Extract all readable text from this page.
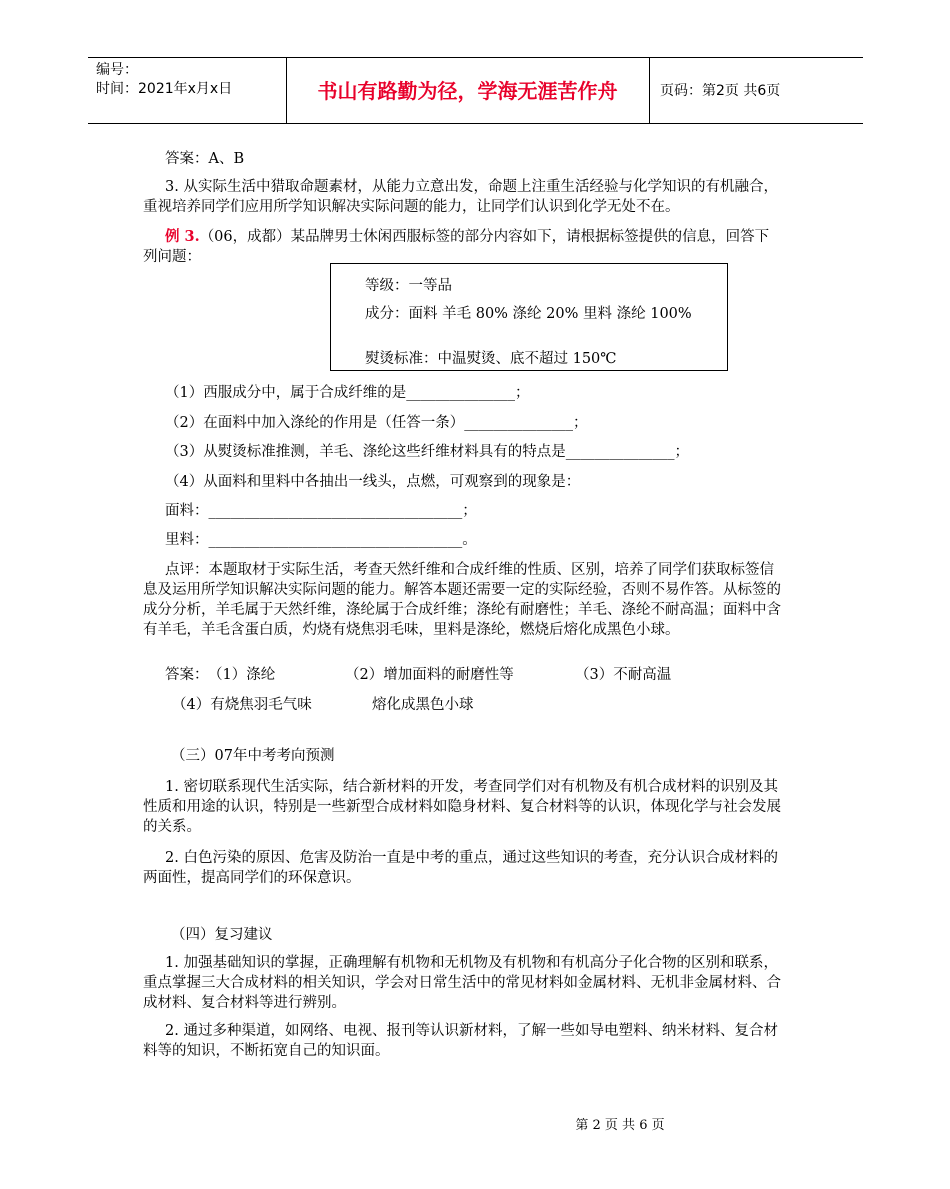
编号：
时间：2021年x月x日	书山有路勤为径，学海无涯苦作舟	页码：第2页 共6页
答案：A、B
3. 从实际生活中猎取命题素材，从能力立意出发，命题上注重生活经验与化学知识的有机融合，重视培养同学们应用所学知识解决实际问题的能力，让同学们认识到化学无处不在。
例 3.（06，成都）某品牌男士休闲西服标签的部分内容如下，请根据标签提供的信息，回答下列问题：
等级：一等品
成分：面料 羊毛 80% 涤纶 20% 里料 涤纶 100%
熨烫标准：中温熨烫、底不超过 150℃
（1）西服成分中，属于合成纤维的是_______________；
（2）在面料中加入涤纶的作用是（任答一条）_______________；
（3）从熨烫标准推测，羊毛、涤纶这些纤维材料具有的特点是_______________；
（4）从面料和里料中各抽出一线头，点燃，可观察到的现象是：
面料：___________________________________；
里料：___________________________________。
点评：本题取材于实际生活，考查天然纤维和合成纤维的性质、区别，培养了同学们获取标签信息及运用所学知识解决实际问题的能力。解答本题还需要一定的实际经验，否则不易作答。从标签的成分分析，羊毛属于天然纤维，涤纶属于合成纤维；涤纶有耐磨性；羊毛、涤纶不耐高温；面料中含有羊毛，羊毛含蛋白质，灼烧有烧焦羽毛味，里料是涤纶，燃烧后熔化成黑色小球。
答案： （1）涤纶	（2）增加面料的耐磨性等	（3）不耐高温
（4）有烧焦羽毛气味	熔化成黑色小球
（三）07年中考考向预测
1. 密切联系现代生活实际，结合新材料的开发，考查同学们对有机物及有机合成材料的识别及其性质和用途的认识，特别是一些新型合成材料如隐身材料、复合材料等的认识，体现化学与社会发展的关系。
2. 白色污染的原因、危害及防治一直是中考的重点，通过这些知识的考查，充分认识合成材料的两面性，提高同学们的环保意识。
（四）复习建议
1. 加强基础知识的掌握，正确理解有机物和无机物及有机物和有机高分子化合物的区别和联系，重点掌握三大合成材料的相关知识，学会对日常生活中的常见材料如金属材料、无机非金属材料、合成材料、复合材料等进行辨别。
2. 通过多种渠道，如网络、电视、报刊等认识新材料，了解一些如导电塑料、纳米材料、复合材料等的知识，不断拓宽自己的知识面。
第 2 页 共 6 页
